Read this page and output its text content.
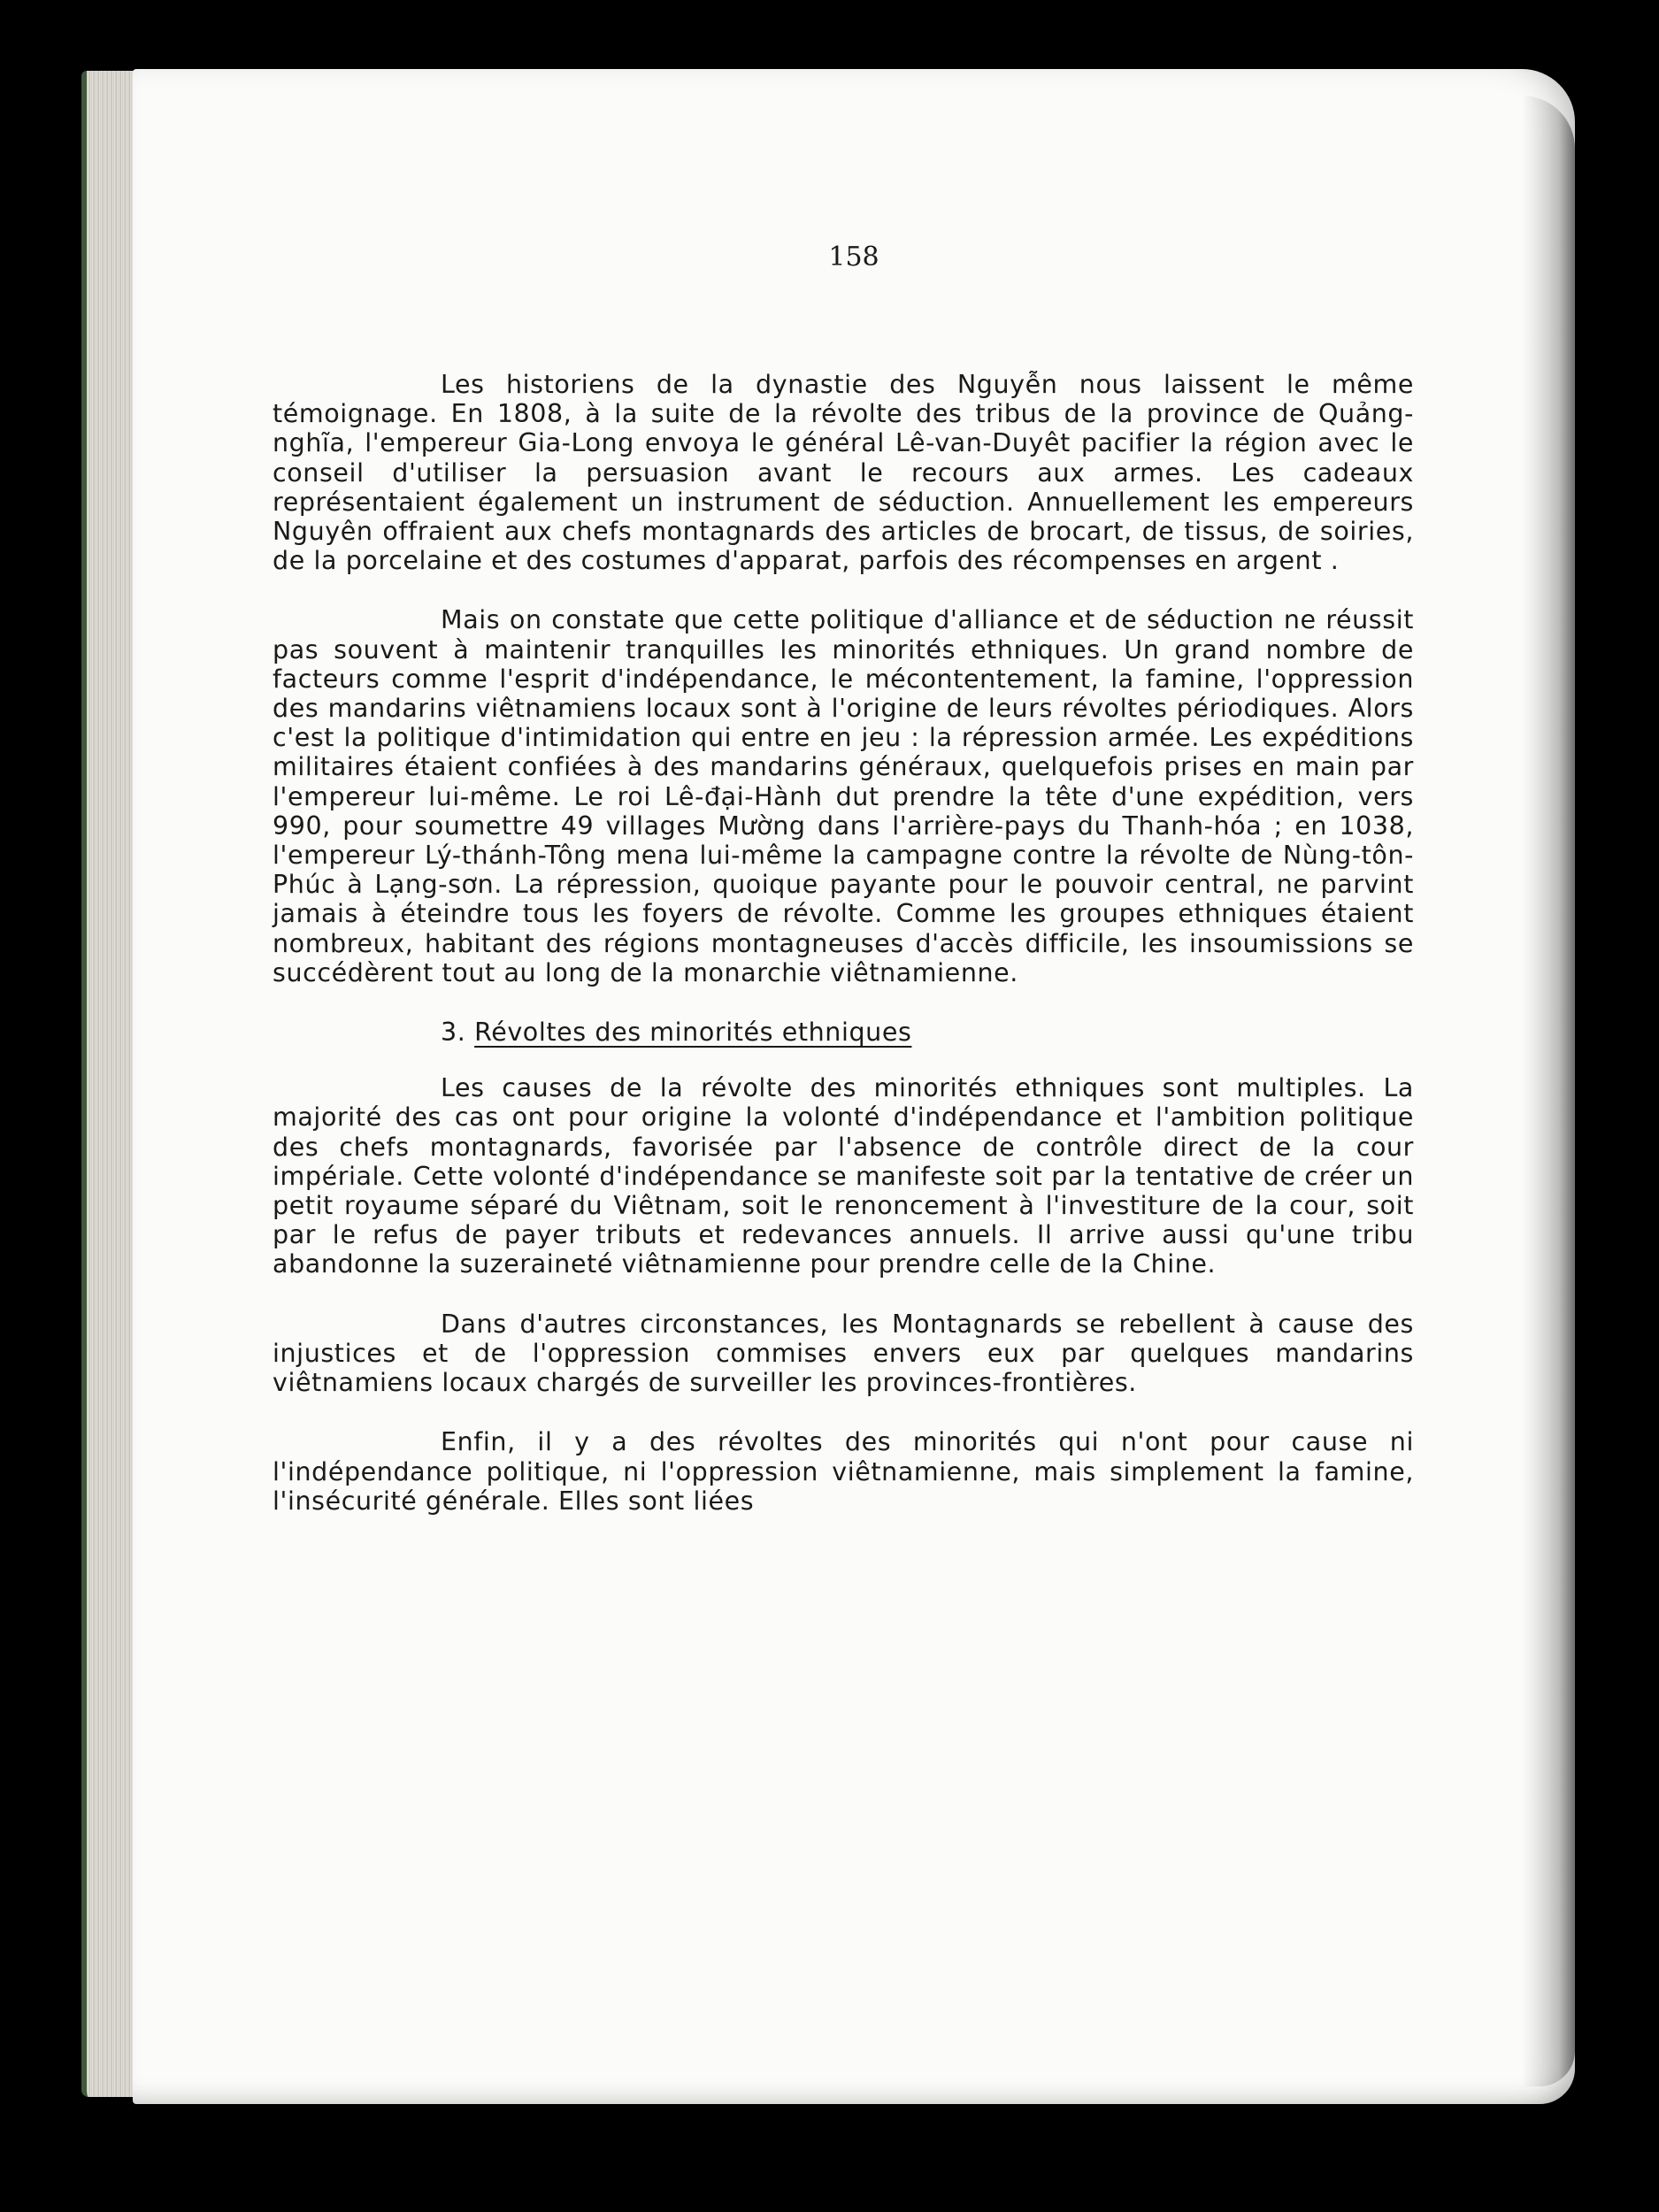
158

Les historiens de la dynastie des Nguyễn nous laissent le même témoignage. En 1808, à la suite de la révolte des tribus de la province de Quảng-nghĩa, l'empereur Gia-Long envoya le général Lê-van-Duyêt pacifier la région avec le conseil d'utiliser la persuasion avant le recours aux armes. Les cadeaux représentaient également un instrument de séduction. Annuellement les empereurs Nguyên offraient aux chefs montagnards des articles de brocart, de tissus, de soiries, de la porcelaine et des costumes d'apparat, parfois des récompenses en argent .

Mais on constate que cette politique d'alliance et de séduction ne réussit pas souvent à maintenir tranquilles les minorités ethniques. Un grand nombre de facteurs comme l'esprit d'indépendance, le mécontentement, la famine, l'oppression des mandarins viêtnamiens locaux sont à l'origine de leurs révoltes périodiques. Alors c'est la politique d'intimidation qui entre en jeu : la répression armée. Les expéditions militaires étaient confiées à des mandarins généraux, quelquefois prises en main par l'empereur lui-même. Le roi Lê-đại-Hành dut prendre la tête d'une expédition, vers 990, pour soumettre 49 villages Mường dans l'arrière-pays du Thanh-hóa ; en 1038, l'empereur Lý-thánh-Tông mena lui-même la campagne contre la révolte de Nùng-tôn-Phúc à Lạng-sơn. La répression, quoique payante pour le pouvoir central, ne parvint jamais à éteindre tous les foyers de révolte. Comme les groupes ethniques étaient nombreux, habitant des régions montagneuses d'accès difficile, les insoumissions se succédèrent tout au long de la monarchie viêtnamienne.

3. Révoltes des minorités ethniques

Les causes de la révolte des minorités ethniques sont multiples. La majorité des cas ont pour origine la volonté d'indépendance et l'ambition politique des chefs montagnards, favorisée par l'absence de contrôle direct de la cour impériale. Cette volonté d'indépendance se manifeste soit par la tentative de créer un petit royaume séparé du Viêtnam, soit le renoncement à l'investiture de la cour, soit par le refus de payer tributs et redevances annuels. Il arrive aussi qu'une tribu abandonne la suzeraineté viêtnamienne pour prendre celle de la Chine.

Dans d'autres circonstances, les Montagnards se rebellent à cause des injustices et de l'oppression commises envers eux par quelques mandarins viêtnamiens locaux chargés de surveiller les provinces-frontières.

Enfin, il y a des révoltes des minorités qui n'ont pour cause ni l'indépendance politique, ni l'oppression viêtnamienne, mais simplement la famine, l'insécurité générale. Elles sont liées
